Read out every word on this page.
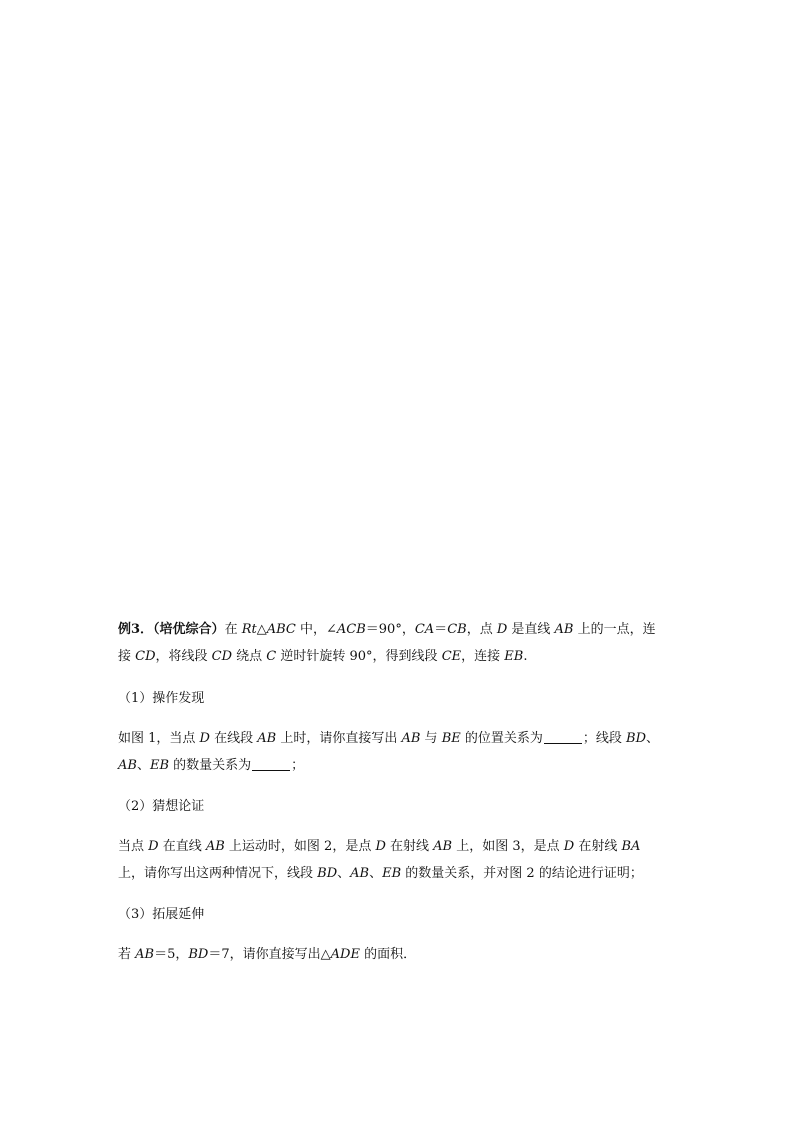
例3．（培优综合）在 Rt△ABC 中，∠ACB＝90°，CA＝CB，点 D 是直线 AB 上的一点，连
接 CD，将线段 CD 绕点 C 逆时针旋转 90°，得到线段 CE，连接 EB.
（1）操作发现
如图 1，当点 D 在线段 AB 上时，请你直接写出 AB 与 BE 的位置关系为	；线段 BD、
AB、EB 的数量关系为	；
（2）猜想论证
当点 D 在直线 AB 上运动时，如图 2，是点 D 在射线 AB 上，如图 3，是点 D 在射线 BA
上，请你写出这两种情况下，线段 BD、AB、EB 的数量关系，并对图 2 的结论进行证明；
（3）拓展延伸
若 AB＝5，BD＝7，请你直接写出△ADE 的面积．
